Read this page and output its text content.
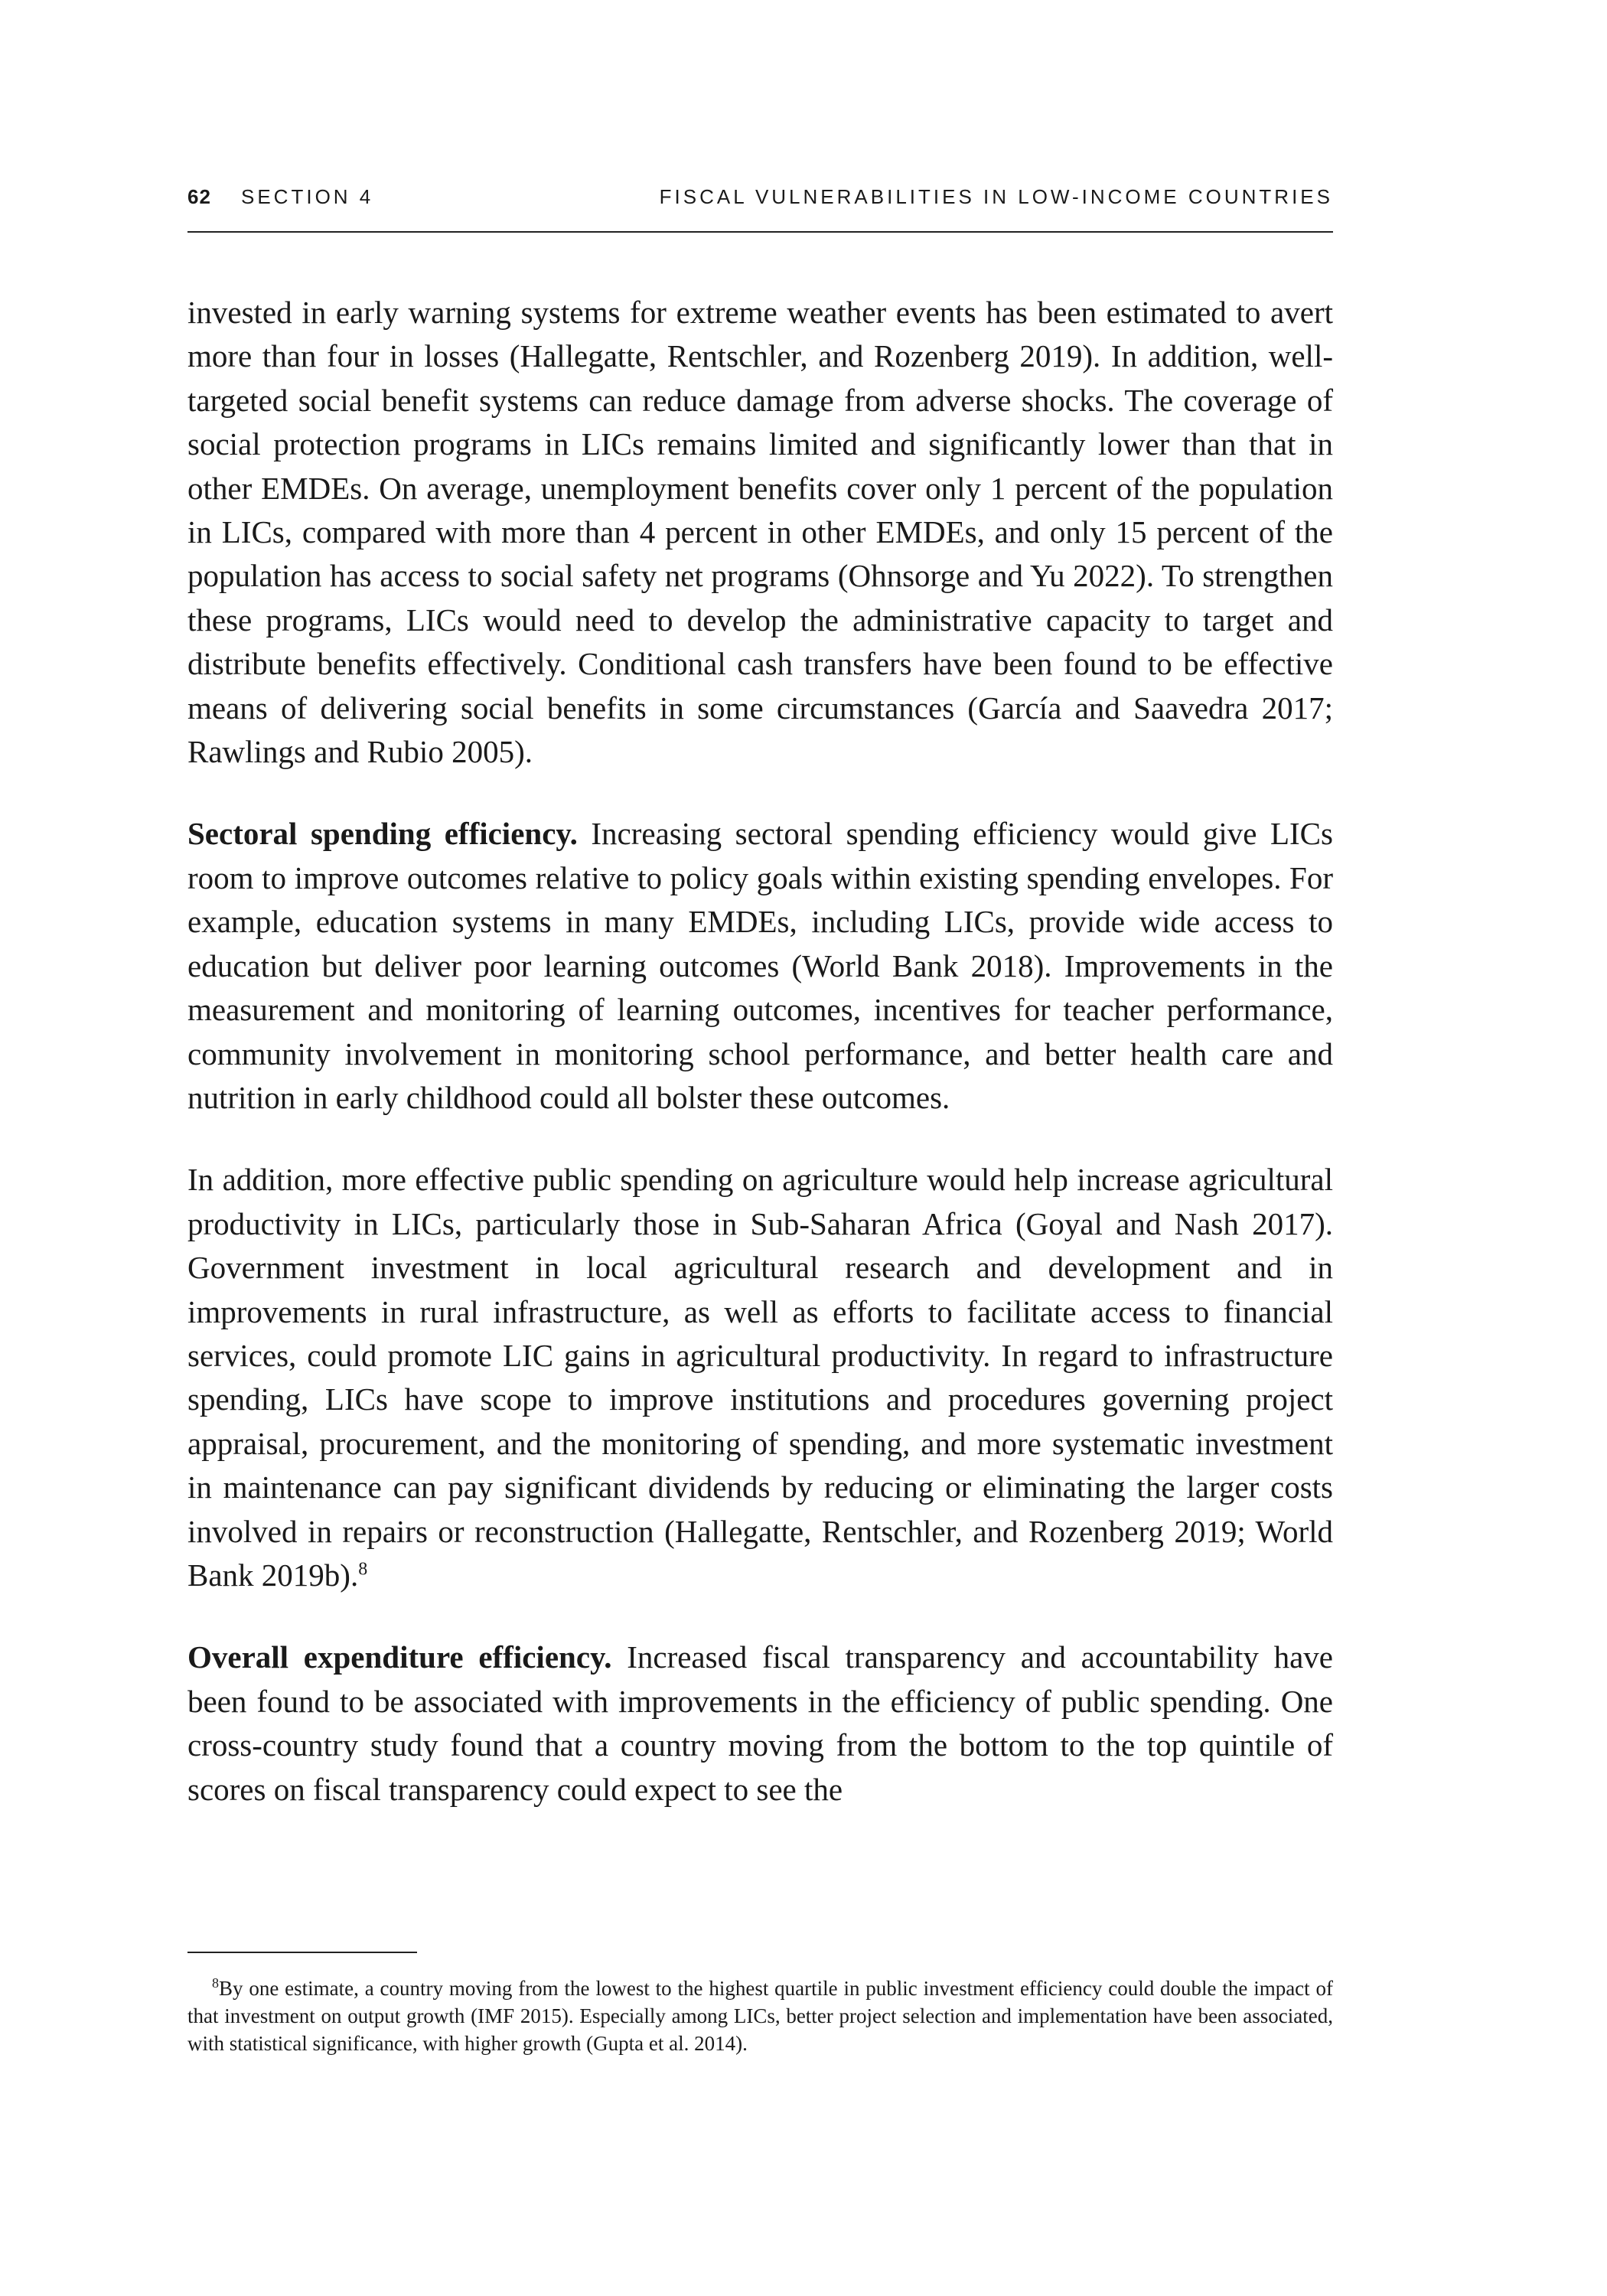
62 SECTION 4	FISCAL VULNERABILITIES IN LOW-INCOME COUNTRIES

invested in early warning systems for extreme weather events has been estimated to avert more than four in losses (Hallegatte, Rentschler, and Rozenberg 2019). In addition, well-targeted social benefit systems can reduce damage from adverse shocks. The coverage of social protection programs in LICs remains limited and significantly lower than that in other EMDEs. On average, unemployment benefits cover only 1 percent of the population in LICs, compared with more than 4 percent in other EMDEs, and only 15 percent of the population has access to social safety net programs (Ohnsorge and Yu 2022). To strengthen these programs, LICs would need to develop the administrative capacity to target and distribute benefits effectively. Conditional cash transfers have been found to be effective means of delivering social benefits in some circumstances (García and Saavedra 2017; Rawlings and Rubio 2005).

Sectoral spending efficiency. Increasing sectoral spending efficiency would give LICs room to improve outcomes relative to policy goals within existing spending envelopes. For example, education systems in many EMDEs, including LICs, provide wide access to education but deliver poor learning outcomes (World Bank 2018). Improvements in the measurement and monitoring of learning outcomes, incentives for teacher performance, community involvement in monitoring school performance, and better health care and nutrition in early childhood could all bolster these outcomes.

In addition, more effective public spending on agriculture would help increase agricultural productivity in LICs, particularly those in Sub-Saharan Africa (Goyal and Nash 2017). Government investment in local agricultural research and development and in improvements in rural infrastructure, as well as efforts to facilitate access to financial services, could promote LIC gains in agricultural productivity. In regard to infrastructure spending, LICs have scope to improve institutions and procedures governing project appraisal, procurement, and the monitoring of spending, and more systematic investment in maintenance can pay significant dividends by reducing or eliminating the larger costs involved in repairs or reconstruction (Hallegatte, Rentschler, and Rozenberg 2019; World Bank 2019b).$^8$

Overall expenditure efficiency. Increased fiscal transparency and accountability have been found to be associated with improvements in the efficiency of public spending. One cross-country study found that a country moving from the bottom to the top quintile of scores on fiscal transparency could expect to see the

$^8$By one estimate, a country moving from the lowest to the highest quartile in public investment efficiency could double the impact of that investment on output growth (IMF 2015). Especially among LICs, better project selection and implementation have been associated, with statistical significance, with higher growth (Gupta et al. 2014).
